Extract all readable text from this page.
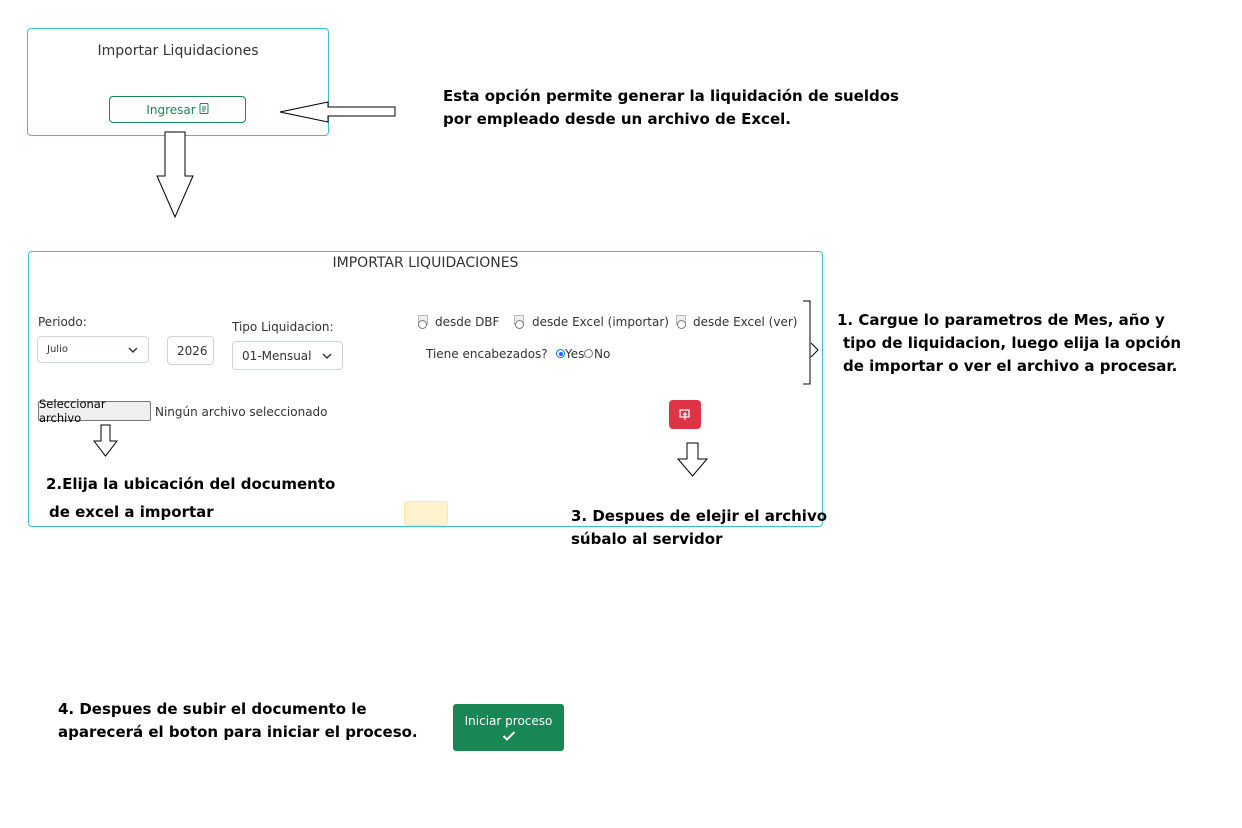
Importar Liquidaciones
Ingresar
Esta opción permite generar la liquidación de sueldos
por empleado desde un archivo de Excel.
IMPORTAR LIQUIDACIONES
Periodo:
Julio	2026
Tipo Liquidacion:
01-Mensual
desde DBF	desde Excel (importar) desde Excel (ver)
Tiene encabezados? Yes No
1. Cargue lo parametros de Mes, año y
tipo de liquidacion, luego elija la opción
de importar o ver el archivo a procesar.
Seleccionar archivo	Ningún archivo seleccionado
2.Elija la ubicación del documento
de excel a importar	3. Despues de elejir el archivo
súbalo al servidor
4. Despues de subir el documento le
aparecerá el boton para iniciar el proceso.
Iniciar proceso
